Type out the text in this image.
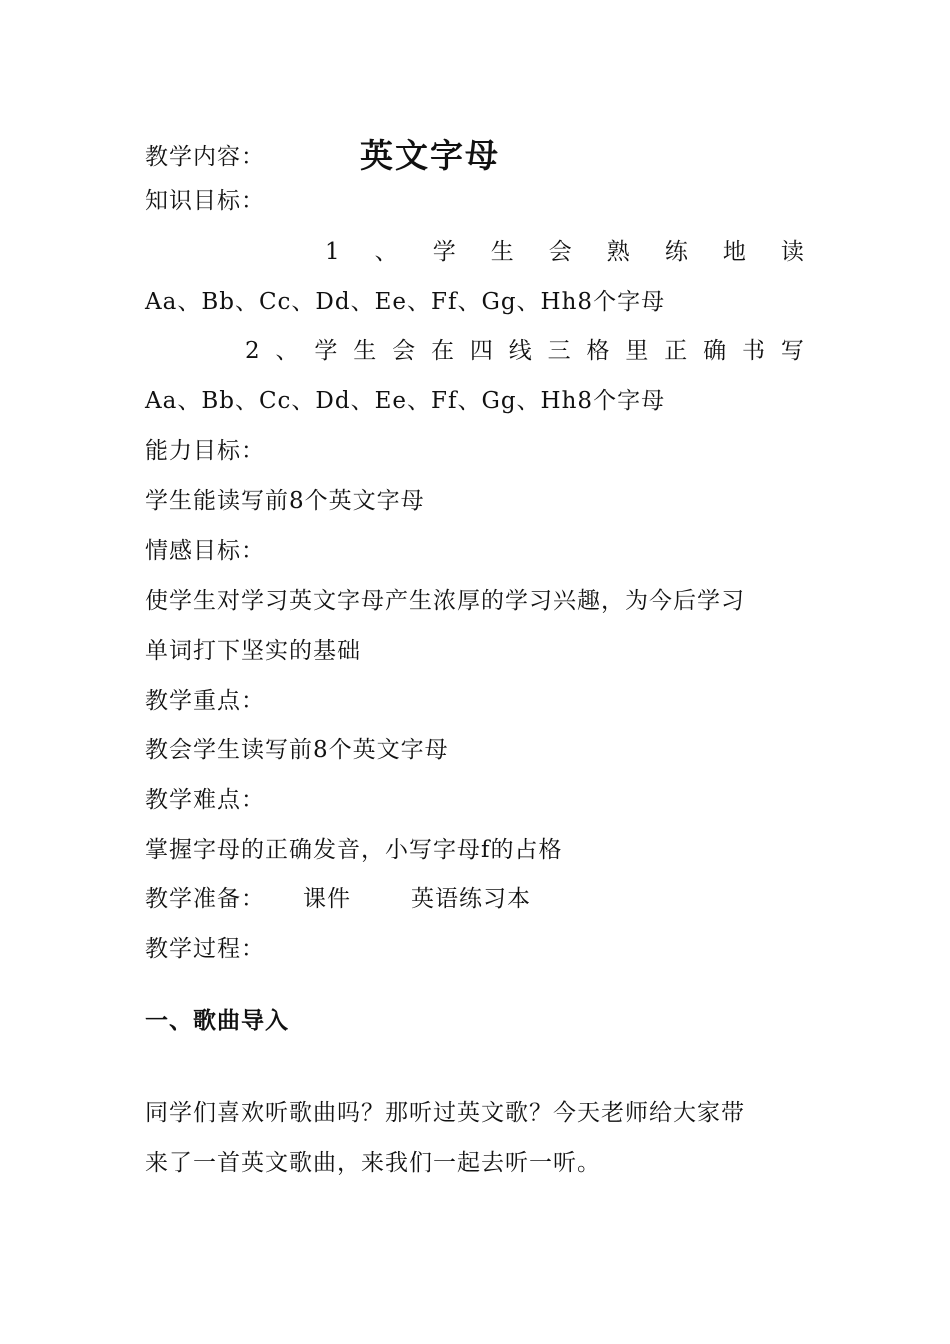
教学内容：	英文字母
知识目标：
1 、 学 生 会 熟 练 地 读
Aa、Bb、Cc、Dd、Ee、Ff、Gg、Hh8个字母
2 、 学 生 会 在 四 线 三 格 里 正 确 书 写
Aa、Bb、Cc、Dd、Ee、Ff、Gg、Hh8个字母
能力目标：
学生能读写前8个英文字母
情感目标：
使学生对学习英文字母产生浓厚的学习兴趣，为今后学习
单词打下坚实的基础
教学重点：
教会学生读写前8个英文字母
教学难点：
掌握字母的正确发音，小写字母f的占格
教学准备： 课件	英语练习本
教学过程：
一、歌曲导入
同学们喜欢听歌曲吗？那听过英文歌？今天老师给大家带
来了一首英文歌曲，来我们一起去听一听。
